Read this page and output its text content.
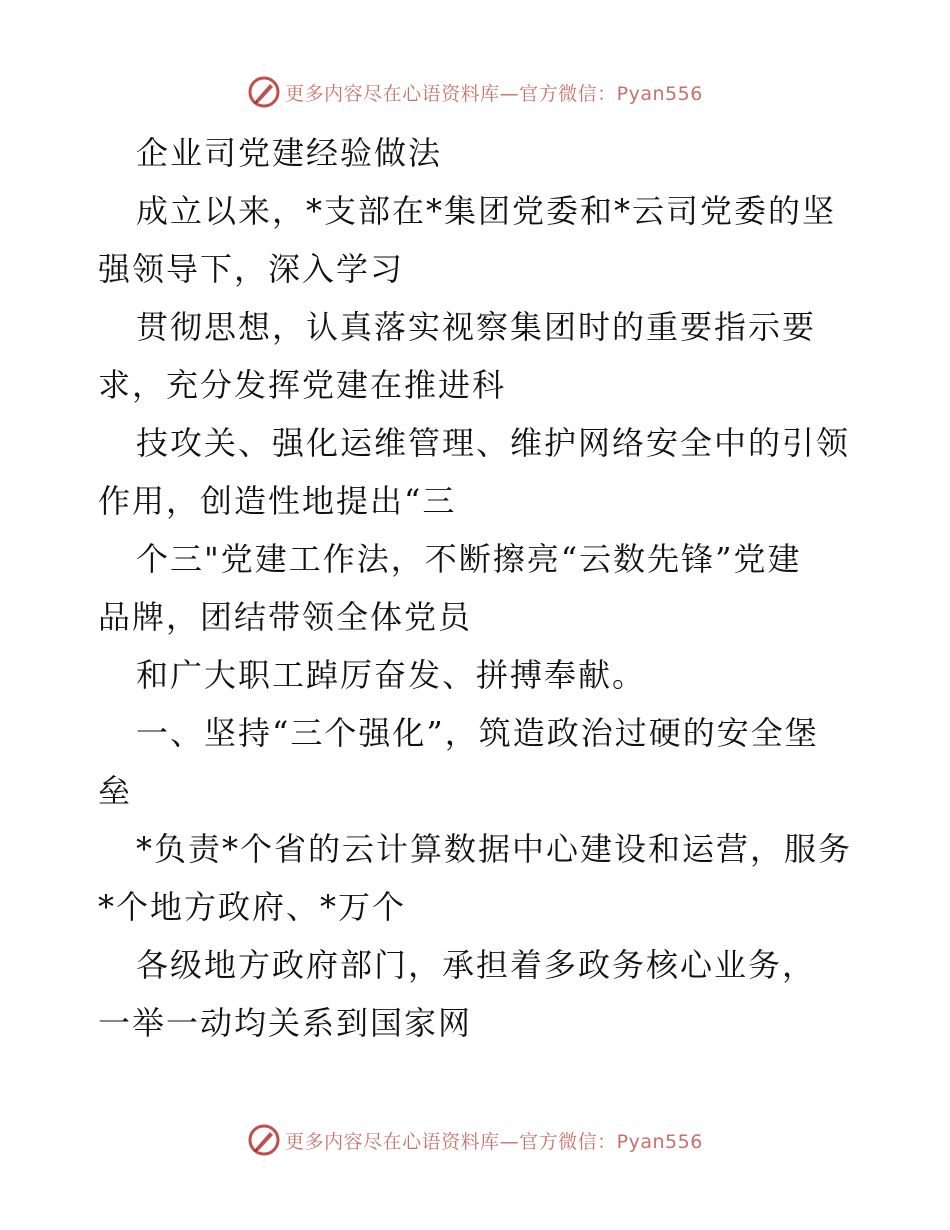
更多内容尽在心语资料库—官方微信：Pyan556
企业司党建经验做法
成立以来，*支部在*集团党委和*云司党委的坚
强领导下，深入学习
贯彻思想，认真落实视察集团时的重要指示要
求，充分发挥党建在推进科
技攻关、强化运维管理、维护网络安全中的引领
作用，创造性地提出“三
个三"党建工作法，不断擦亮“云数先锋”党建
品牌，团结带领全体党员
和广大职工踔厉奋发、拼搏奉献。
一、坚持“三个强化”，筑造政治过硬的安全堡
垒
*负责*个省的云计算数据中心建设和运营，服务
*个地方政府、*万个
各级地方政府部门，承担着多政务核心业务，
一举一动均关系到国家网
更多内容尽在心语资料库—官方微信：Pyan556
